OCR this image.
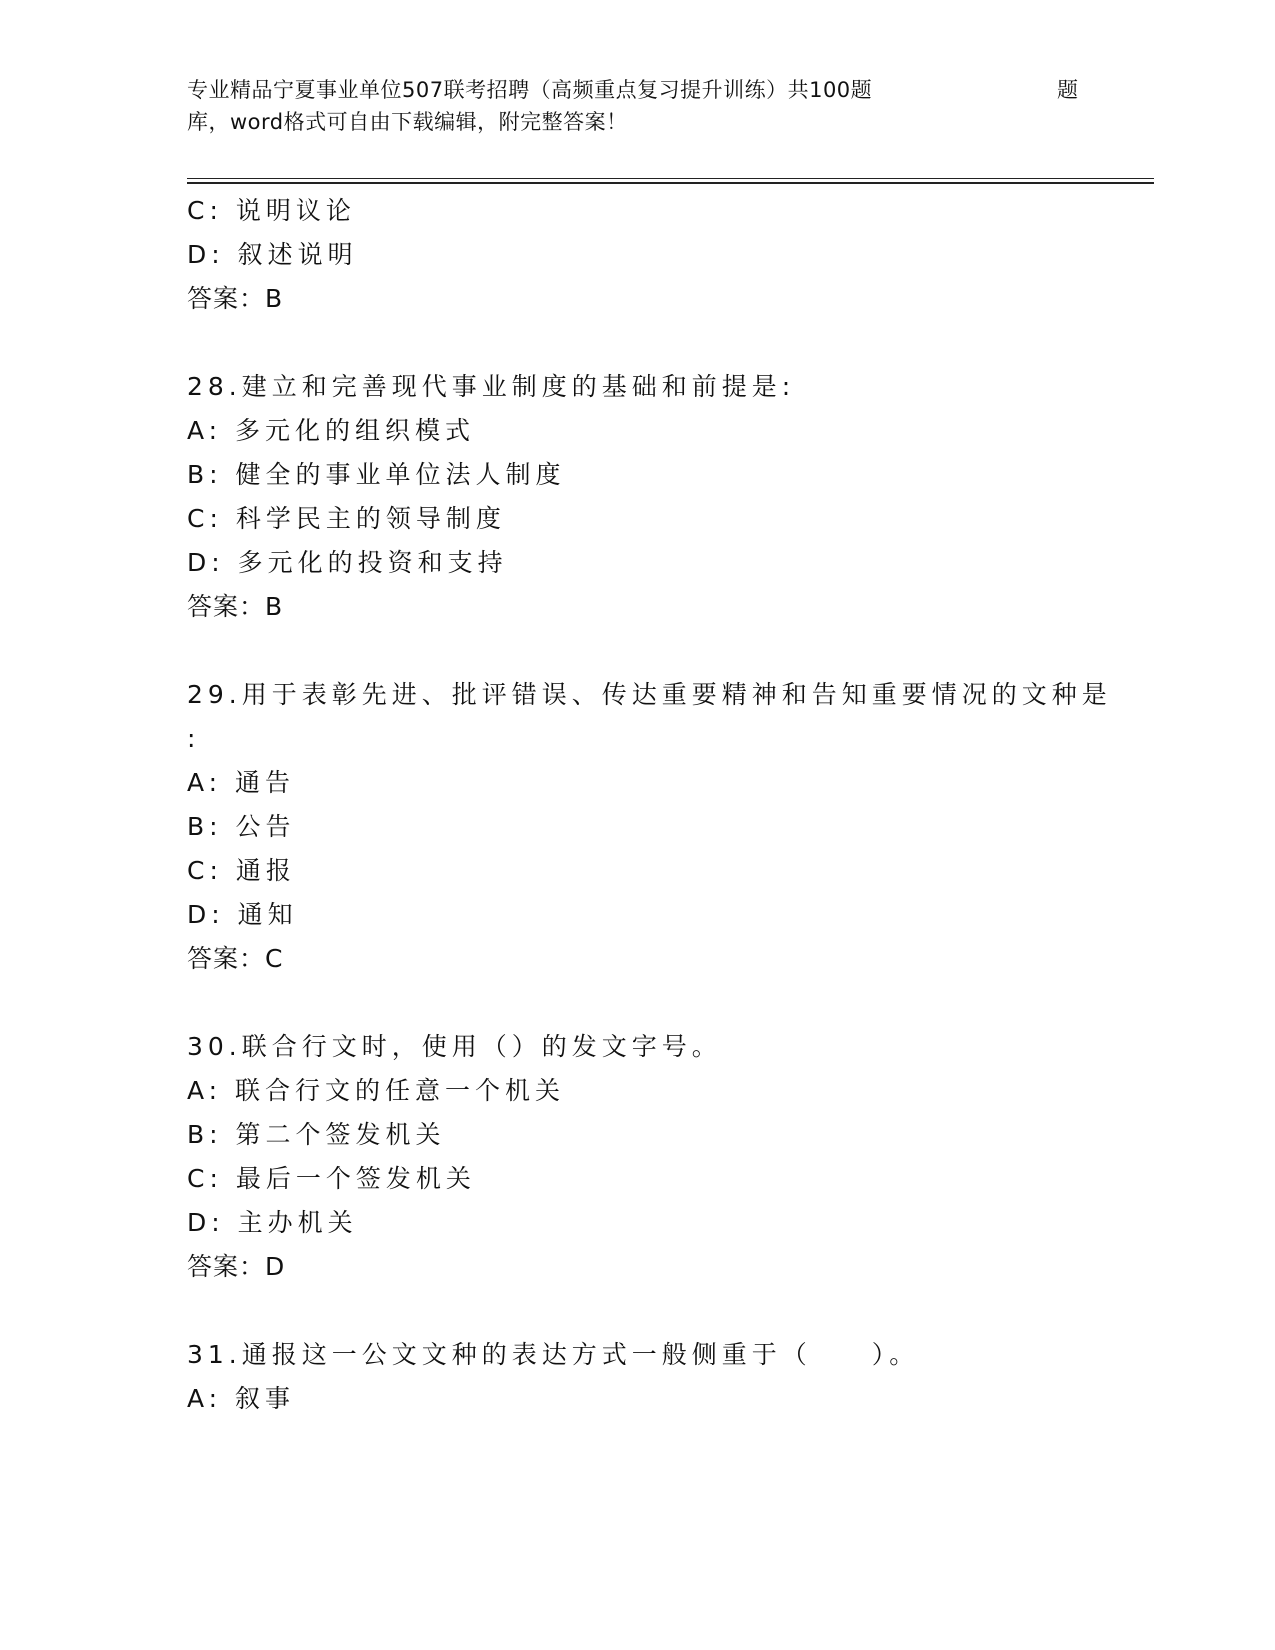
专业精品宁夏事业单位507联考招聘（高频重点复习提升训练）共100题	题
库，word格式可自由下载编辑，附完整答案！
C: 说明议论
D: 叙述说明
答案：B
28.建立和完善现代事业制度的基础和前提是:
A: 多元化的组织模式
B: 健全的事业单位法人制度
C: 科学民主的领导制度
D: 多元化的投资和支持
答案：B
29.用于表彰先进、批评错误、传达重要精神和告知重要情况的文种是
:
A: 通告
B: 公告
C: 通报
D: 通知
答案：C
30.联合行文时，使用（）的发文字号。
A: 联合行文的任意一个机关
B: 第二个签发机关
C: 最后一个签发机关
D: 主办机关
答案：D
31.通报这一公文文种的表达方式一般侧重于（　　）。
A: 叙事
